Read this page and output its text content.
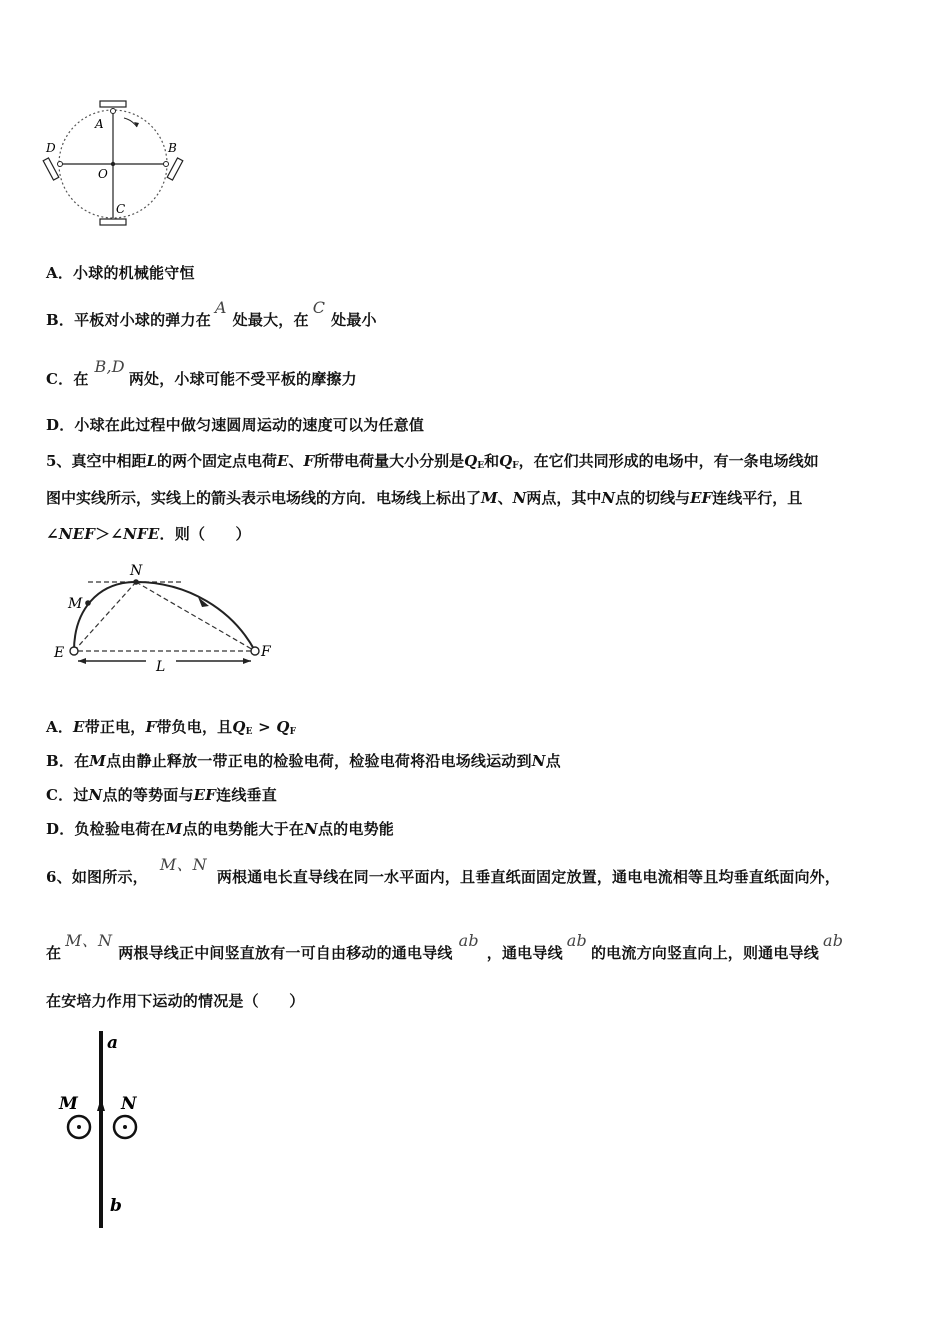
A
B
D
O
C
A．小球的机械能守恒
B．平板对小球的弹力在A处最大，在C处最小
C．在B,D两处，小球可能不受平板的摩擦力
D．小球在此过程中做匀速圆周运动的速度可以为任意值
5、真空中相距L的两个固定点电荷E、F所带电荷量大小分别是$Q_E$和$Q_F$，在它们共同形成的电场中，有一条电场线如
图中实线所示，实线上的箭头表示电场线的方向．电场线上标出了M、N两点，其中N点的切线与EF连线平行，且
∠NEF＞∠NFE．则（　　）
N
M
E	F
L
A．E带正电，F带负电，且$Q_E > Q_F$
B．在M点由静止释放一带正电的检验电荷，检验电荷将沿电场线运动到N点
C．过N点的等势面与EF连线垂直
D．负检验电荷在M点的电势能大于在N点的电势能
6、如图所示，M、N两根通电长直导线在同一水平面内，且垂直纸面固定放置，通电电流相等且均垂直纸面向外，
在M、N两根导线正中间竖直放有一可自由移动的通电导线ab，通电导线ab的电流方向竖直向上，则通电导线ab
在安培力作用下运动的情况是（　　）
a
b
M	N
